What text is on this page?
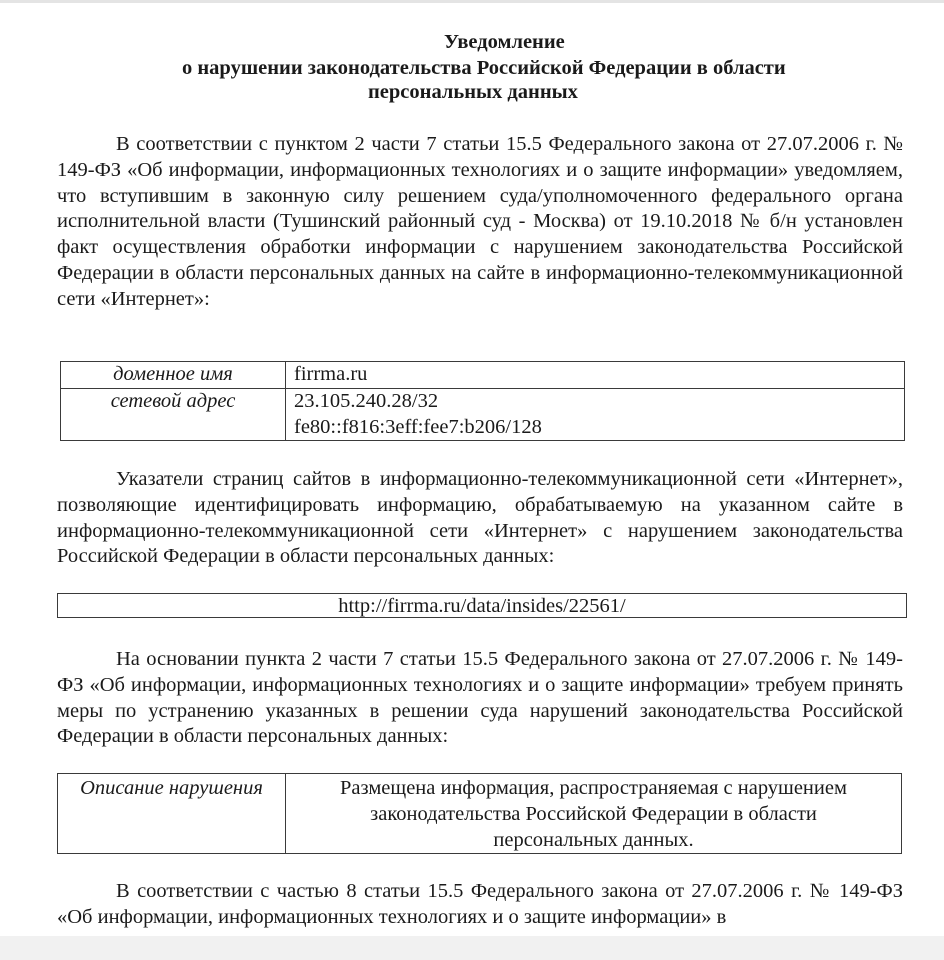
Уведомление
о нарушении законодательства Российской Федерации в области
персональных данных

В соответствии с пунктом 2 части 7 статьи 15.5 Федерального закона от 27.07.2006 г. № 149-ФЗ «Об информации, информационных технологиях и о защите информации» уведомляем, что вступившим в законную силу решением суда/уполномоченного федерального органа исполнительной власти (Тушинский районный суд - Москва) от 19.10.2018 № б/н установлен факт осуществления обработки информации с нарушением законодательства Российской Федерации в области персональных данных на сайте в информационно-телекоммуникационной сети «Интернет»:

доменное имя	firrma.ru
сетевой адрес	23.105.240.28/32
fe80::f816:3eff:fee7:b206/128

Указатели страниц сайтов в информационно-телекоммуникационной сети «Интернет», позволяющие идентифицировать информацию, обрабатываемую на указанном сайте в информационно-телекоммуникационной сети «Интернет» с нарушением законодательства Российской Федерации в области персональных данных:

http://firrma.ru/data/insides/22561/

На основании пункта 2 части 7 статьи 15.5 Федерального закона от 27.07.2006 г. № 149-ФЗ «Об информации, информационных технологиях и о защите информации» требуем принять меры по устранению указанных в решении суда нарушений законодательства Российской Федерации в области персональных данных:

Описание нарушения	Размещена информация, распространяемая с нарушением
законодательства Российской Федерации в области
персональных данных.

В соответствии с частью 8 статьи 15.5 Федерального закона от 27.07.2006 г. № 149-ФЗ «Об информации, информационных технологиях и о защите информации» в
